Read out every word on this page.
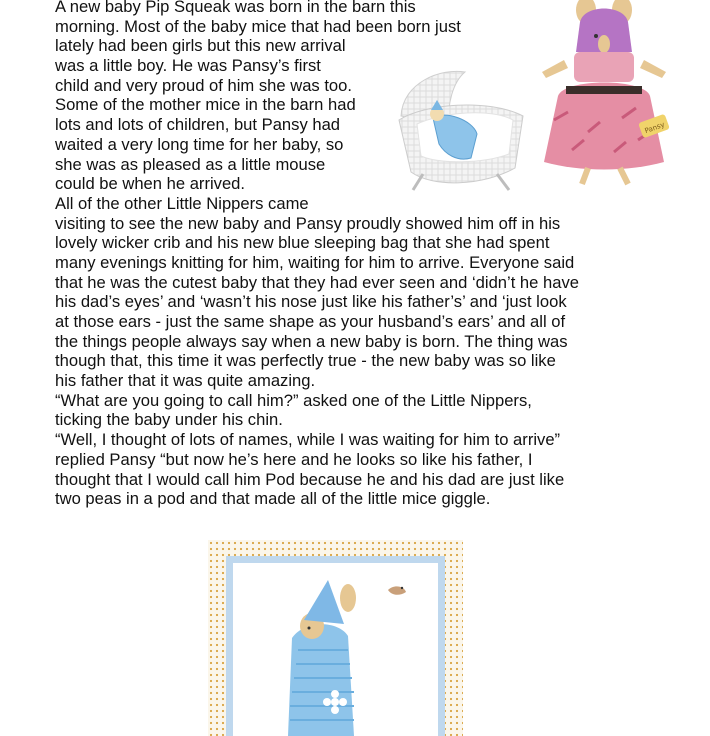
A new baby Pip Squeak was born in the barn this
morning. Most of the baby mice that had been born just
lately had been girls but this new arrival
was a little boy. He was Pansy’s first
child and very proud of him she was too.
Some of the mother mice in the barn had
lots and lots of children, but Pansy had
waited a very long time for her baby, so
she was as pleased as a little mouse
could be when he arrived.
All of the other Little Nippers came
visiting to see the new baby and Pansy proudly showed him off in his
lovely wicker crib and his new blue sleeping bag that she had spent
many evenings knitting for him, waiting for him to arrive. Everyone said
that he was the cutest baby that they had ever seen and ‘didn’t he have
his dad’s eyes’ and ‘wasn’t his nose just like his father’s’ and ‘just look
at those ears - just the same shape as your husband’s ears’ and all of
the things people always say when a new baby is born. The thing was
though that, this time it was perfectly true - the new baby was so like
his father that it was quite amazing.
“What are you going to call him?” asked one of the Little Nippers,
ticking the baby under his chin.
“Well, I thought of lots of names, while I was waiting for him to arrive”
replied Pansy “but now he’s here and he looks so like his father, I
thought that I would call him Pod because he and his dad are just like
two peas in a pod and that made all of the little mice giggle.
Pansy
